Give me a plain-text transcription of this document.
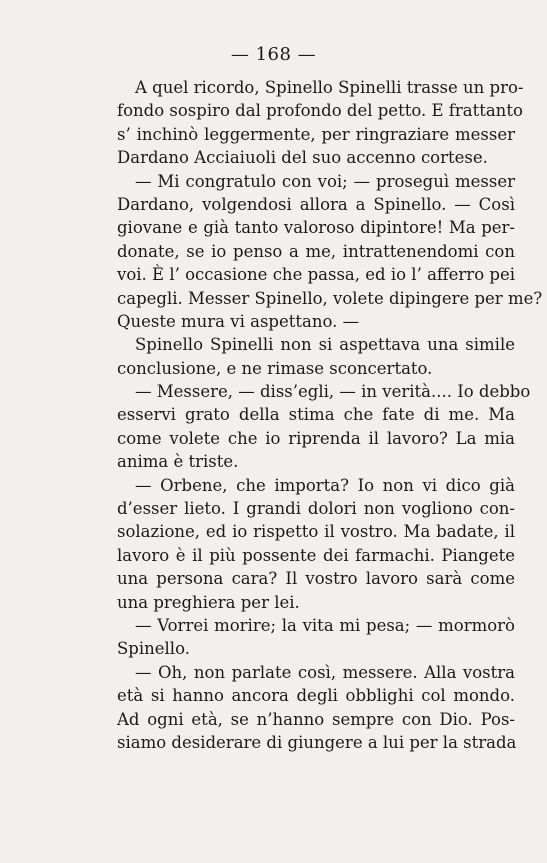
— 168 —
A quel ricordo, Spinello Spinelli trasse un pro-
fondo sospiro dal profondo del petto. E frattanto
s’ inchinò leggermente, per ringraziare messer
Dardano Acciaiuoli del suo accenno cortese.
— Mi congratulo con voi; — proseguì messer
Dardano, volgendosi allora a Spinello. — Così
giovane e già tanto valoroso dipintore! Ma per-
donate, se io penso a me, intrattenendomi con
voi. È l’ occasione che passa, ed io l’ afferro pei
capegli. Messer Spinello, volete dipingere per me?
Queste mura vi aspettano. —
Spinello Spinelli non si aspettava una simile
conclusione, e ne rimase sconcertato.
— Messere, — diss’egli, — in verità.... Io debbo
esservi grato della stima che fate di me. Ma
come volete che io riprenda il lavoro? La mia
anima è triste.
— Orbene, che importa? Io non vi dico già
d’esser lieto. I grandi dolori non vogliono con-
solazione, ed io rispetto il vostro. Ma badate, il
lavoro è il più possente dei farmachi. Piangete
una persona cara? Il vostro lavoro sarà come
una preghiera per lei.
— Vorrei morire; la vita mi pesa; — mormorò
Spinello.
— Oh, non parlate così, messere. Alla vostra
età si hanno ancora degli obblighi col mondo.
Ad ogni età, se n’hanno sempre con Dio. Pos-
siamo desiderare di giungere a lui per la strada
